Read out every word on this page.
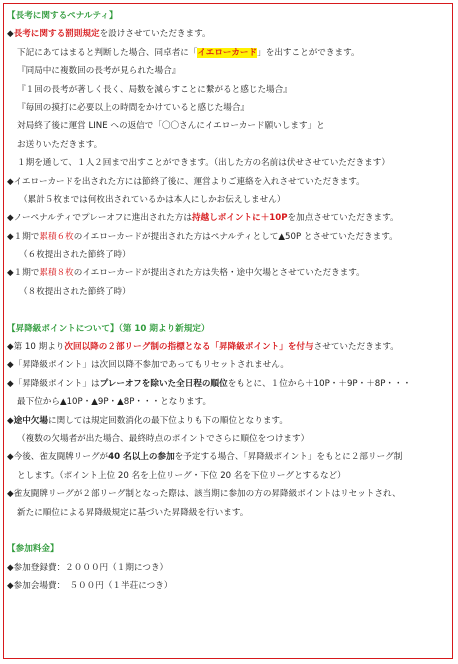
【長考に関するペナルティ】
◆長考に関する罰則規定を設けさせていただきます。
下記にあてはまると判断した場合、同卓者に「イエローカード」を出すことができます。
『同局中に複数回の長考が見られた場合』
『１回の長考が著しく長く、局数を減らすことに繋がると感じた場合』
『毎回の摸打に必要以上の時間をかけていると感じた場合』
対局終了後に運営 LINE への返信で「〇〇さんにイエローカード願いします」と
お送りいただきます。
１期を通して、１人２回まで出すことができます。（出した方の名前は伏せさせていただきます）
◆イエローカードを出された方には節終了後に、運営よりご連絡を入れさせていただきます。
（累計５枚までは何枚出されているかは本人にしかお伝えしません）
◆ノーペナルティでプレーオフに進出された方は持越しポイントに＋10Pを加点させていただきます。
◆１期で累積６枚のイエローカードが提出された方はペナルティとして▲50P とさせていただきます。
（６枚提出された節終了時）
◆１期で累積８枚のイエローカードが提出された方は失格・途中欠場とさせていただきます。
（８枚提出された節終了時）
【昇降級ポイントについて】（第 10 期より新規定）
◆第 10 期より次回以降の２部リーグ制の指標となる「昇降級ポイント」を付与させていただきます。
◆「昇降級ポイント」は次回以降不参加であってもリセットされません。
◆「昇降級ポイント」はプレーオフを除いた全日程の順位をもとに、１位から＋10P・＋9P・＋8P・・・
最下位から▲10P・▲9P・▲8P・・・となります。
◆途中欠場に関しては規定回数消化の最下位よりも下の順位となります。
（複数の欠場者が出た場合、最終時点のポイントでさらに順位をつけます）
◆今後、雀友闘牌リーグが40 名以上の参加を予定する場合、「昇降級ポイント」をもとに２部リーグ制
とします。（ポイント上位 20 名を上位リーグ・下位 20 名を下位リーグとするなど）
◆雀友闘牌リーグが２部リーグ制となった際は、該当期に参加の方の昇降級ポイントはリセットされ、
新たに順位による昇降級規定に基づいた昇降級を行います。
【参加料金】
◆参加登録費：２０００円（１期につき）
◆参加会場費：　５００円（１半荘につき）
